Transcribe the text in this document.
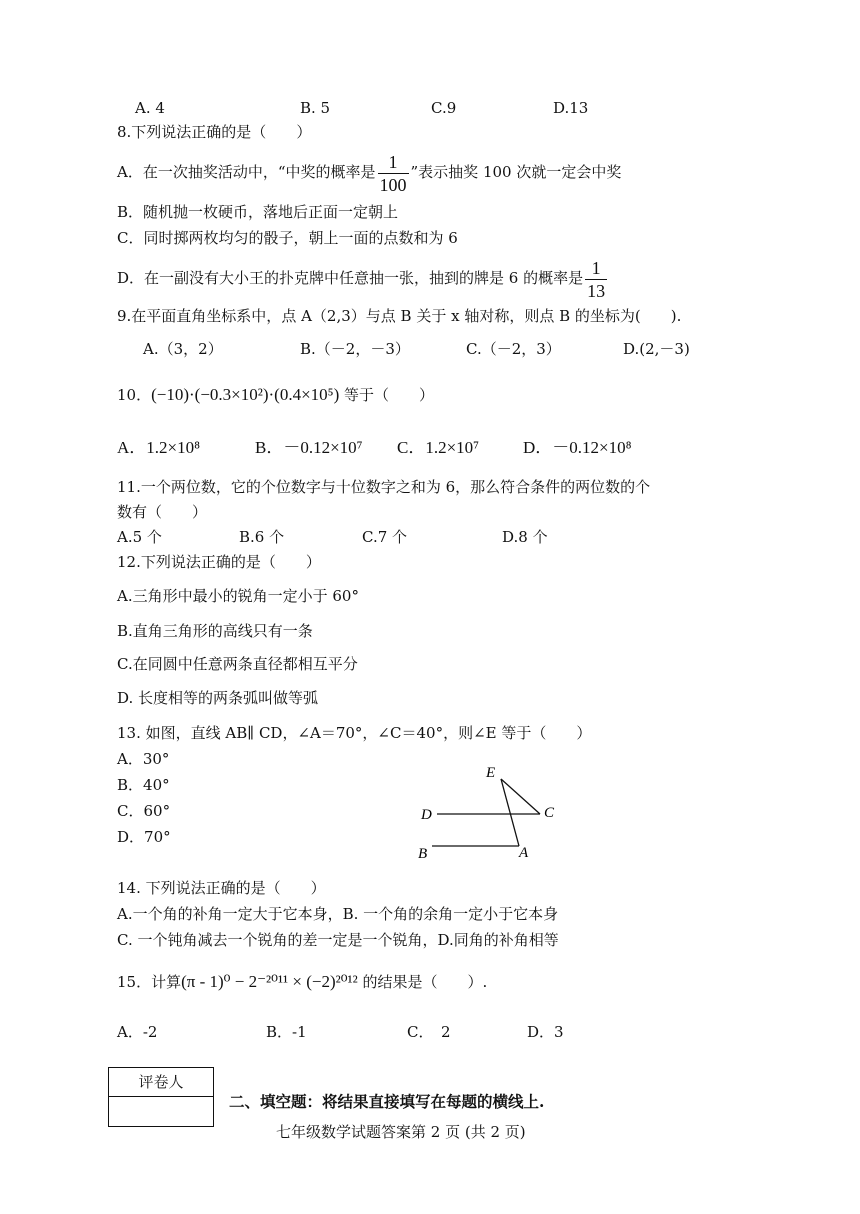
A. 4	B. 5	C.9	D.13
8.下列说法正确的是（　　）
A．在一次抽奖活动中，“中奖的概率是 $\frac{1}{100}$ ”表示抽奖 100 次就一定会中奖
B．随机抛一枚硬币，落地后正面一定朝上
C．同时掷两枚均匀的骰子，朝上一面的点数和为 6
D．在一副没有大小王的扑克牌中任意抽一张，抽到的牌是 6 的概率是 $\frac{1}{13}$
9.在平面直角坐标系中，点 A（2,3）与点 B 关于 x 轴对称，则点 B 的坐标为(　　).
A.（3，2）	B.（－2，－3）	C.（－2，3）	D.(2,－3)
10．(−10)·(−0.3×10²)·(0.4×10⁵) 等于（　　）
A．1.2×10⁸	B．－0.12×10⁷ C．1.2×10⁷	D．－0.12×10⁸
11.一个两位数，它的个位数字与十位数字之和为 6，那么符合条件的两位数的个
数有（　　）
A.5 个	B.6 个	C.7 个	D.8 个
12.下列说法正确的是（　　）
A.三角形中最小的锐角一定小于 60°
B.直角三角形的高线只有一条
C.在同圆中任意两条直径都相互平分
D. 长度相等的两条弧叫做等弧
13. 如图，直线 AB∥ CD，∠A＝70°，∠C＝40°，则∠E 等于（　　）
A．30°
B．40°
C．60°
D．70°
E
C
D
B	A
14. 下列说法正确的是（　　）
A.一个角的补角一定大于它本身，B. 一个角的余角一定小于它本身
C. 一个钝角减去一个锐角的差一定是一个锐角，D.同角的补角相等
15．计算(π - 1)⁰ − 2⁻²⁰¹¹ × (−2)²⁰¹² 的结果是（　　）.
A．-2	B．-1	C．　2	D．3
评卷人
二、填空题：将结果直接填写在每题的横线上.
七年级数学试题答案第 2 页 (共 2 页)
